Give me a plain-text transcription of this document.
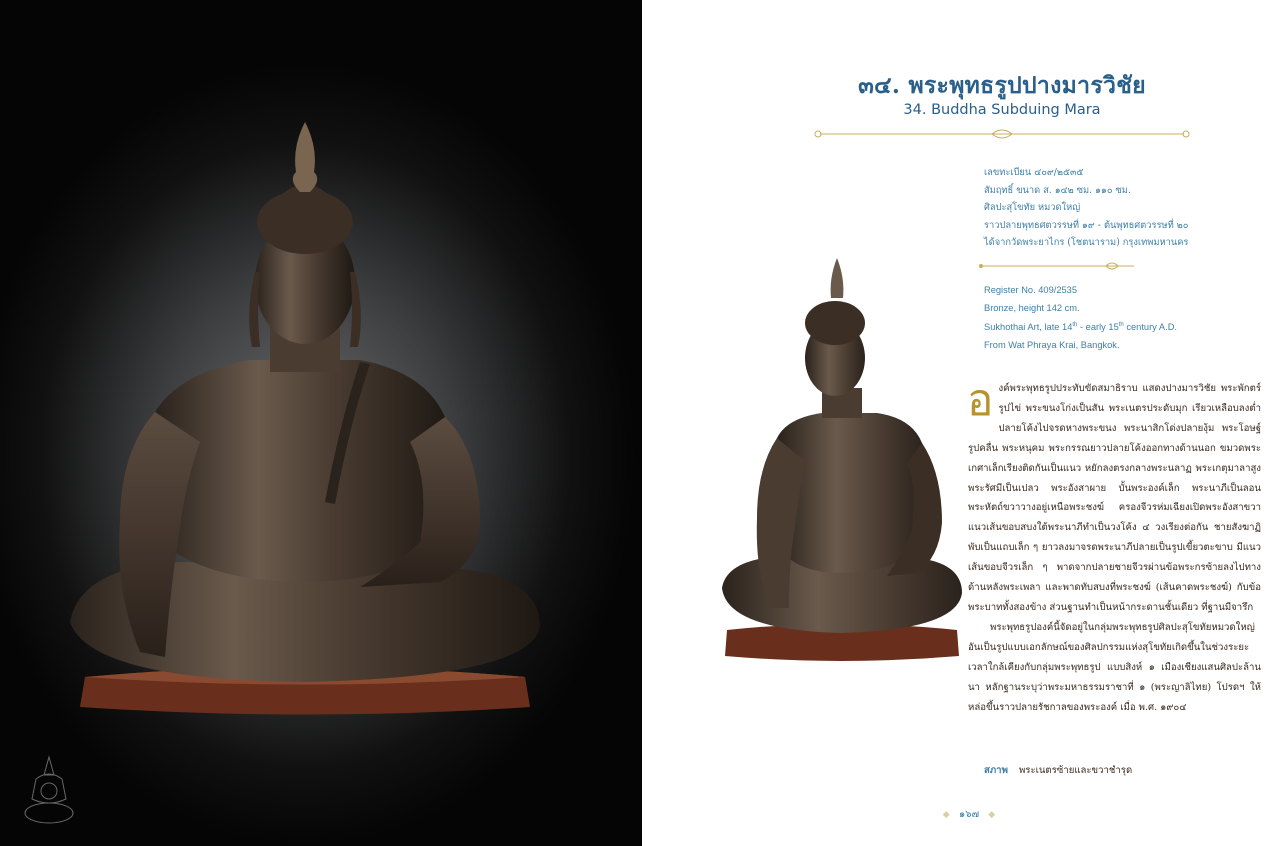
๓๔. พระพุทธรูปปางมารวิชัย
34. Buddha Subduing Mara
เลขทะเบียน ๔๐๙/๒๕๓๕
สัมฤทธิ์ ขนาด ส. ๑๔๒ ซม. ๑๑๐ ซม.
ศิลปะสุโขทัย หมวดใหญ่
ราวปลายพุทธศตวรรษที่ ๑๙ - ต้นพุทธศตวรรษที่ ๒๐
ได้จากวัดพระยาไกร (โชตนาราม) กรุงเทพมหานคร
Register No. 409/2535
Bronze, height 142 cm.
Sukhothai Art, late 14th - early 15th century A.D.
From Wat Phraya Krai, Bangkok.

องค์พระพุทธรูปประทับขัดสมาธิราบ แสดงปางมารวิชัย พระพักตร์รูปไข่ พระขนงโก่งเป็นสัน พระเนตรประดับมุก เรียวเหลือบลงต่ำ ปลายโค้งไปจรดหางพระขนง พระนาสิกโด่งปลายงุ้ม พระโอษฐ์รูปคลื่น พระหนุคม พระกรรณยาวปลายโค้งออกทางด้านนอก ขมวดพระเกศาเล็กเรียงติดกันเป็นแนว หยักลงตรงกลางพระนลาฏ พระเกตุมาลาสูง พระรัศมีเป็นเปลว พระอังสาผาย บั้นพระองค์เล็ก พระนาภีเป็นลอน พระหัตถ์ขวาวางอยู่เหนือพระชงฆ์ ครองจีวรห่มเฉียงเปิดพระอังสาขวา แนวเส้นขอบสบงใต้พระนาภีทำเป็นวงโค้ง ๔ วงเรียงต่อกัน ชายสังฆาฏิพับเป็นแถบเล็ก ๆ ยาวลงมาจรดพระนาภีปลายเป็นรูปเขี้ยวตะขาบ มีแนวเส้นขอบจีวรเล็ก ๆ พาดจากปลายชายจีวรผ่านข้อพระกรซ้ายลงไปทางด้านหลังพระเพลา และพาดทับสบงที่พระชงฆ์ (เส้นคาดพระชงฆ์) กับข้อพระบาททั้งสองข้าง ส่วนฐานทำเป็นหน้ากระดานชั้นเดียว ที่ฐานมีจารึก

พระพุทธรูปองค์นี้จัดอยู่ในกลุ่มพระพุทธรูปศิลปะสุโขทัยหมวดใหญ่ อันเป็นรูปแบบเอกลักษณ์ของศิลปกรรมแห่งสุโขทัยเกิดขึ้นในช่วงระยะเวลาใกล้เคียงกับกลุ่มพระพุทธรูป แบบสิงห์ ๑ เมืองเชียงแสนศิลปะล้านนา หลักฐานระบุว่าพระมหาธรรมราชาที่ ๑ (พระญาลิไทย) โปรดฯ ให้หล่อขึ้นราวปลายรัชกาลของพระองค์ เมื่อ พ.ศ. ๑๙๐๔

สภาพ พระเนตรซ้ายและขวาชำรุด
◆ ๑๖๗ ◆
